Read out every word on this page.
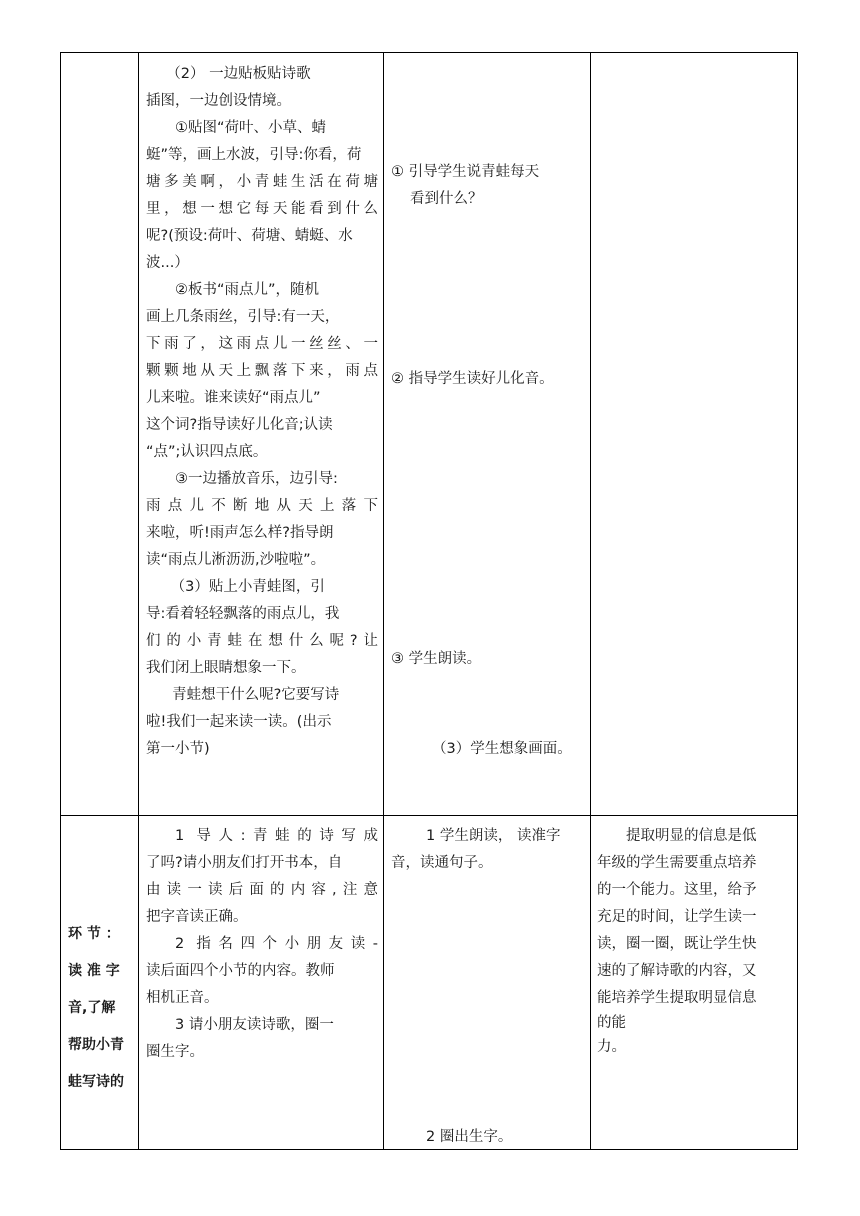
（2） 一边贴板贴诗歌

插图，一边创设情境。

①贴图“荷叶、小草、蜻

蜓”等，画上水波，引导:你看，荷

塘多美啊，小青蛙生活在荷塘

里，想一想它每天能看到什么

呢?(预设:荷叶、荷塘、蜻蜓、水

波...）

②板书“雨点儿”，随机

画上几条雨丝，引导:有一天，

下雨了，这雨点儿一丝丝、一

颗颗地从天上飘落下来，雨点

儿来啦。谁来读好“雨点儿”

这个词?指导读好儿化音;认读

“点”;认识四点底。

③一边播放音乐，边引导:

雨点儿不断地从天上落下

来啦，听!雨声怎么样?指导朗

读“雨点儿淅沥沥,沙啦啦”。

（3）贴上小青蛙图，引

导:看着轻轻飘落的雨点儿，我

们的小青蛙在想什么呢?让

我们闭上眼睛想象一下。

青蛙想干什么呢?它要写诗

啦!我们一起来读一读。(出示

第一小节)

① 引导学生说青蛙每天
看到什么？
② 指导学生读好儿化音。
③ 学生朗读。
（3）学生想象画面。

环 节 ：

读 准 字

音,了解

帮助小青

蛙写诗的

1 导人:青蛙的诗写成

了吗?请小朋友们打开书本，自

由读一读后面的内容,注意

把字音读正确。

2 指名四个小朋友读-

读后面四个小节的内容。教师

相机正音。

3 请小朋友读诗歌，圈一

圈生字。

1 学生朗读， 读准字
音，读通句子。
2 圈出生字。

提取明显的信息是低

年级的学生需要重点培养

的一个能力。这里，给予

充足的时间，让学生读一

读，圈一圈，既让学生快

速的了解诗歌的内容，又

能培养学生提取明显信息

的能

力。
